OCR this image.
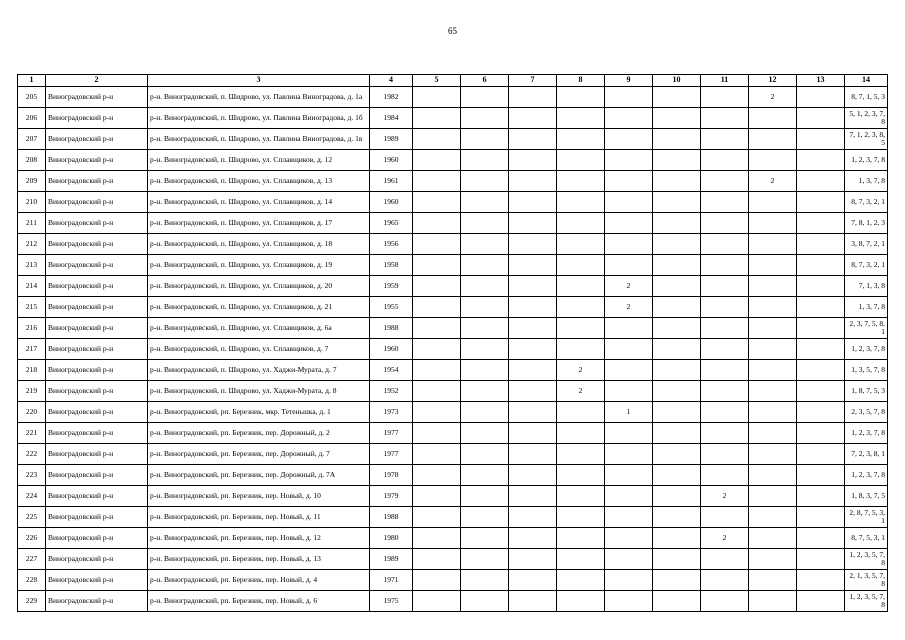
65
1	2	3	4	5	6	7	8	9	10	11	12	13	14
205	Виноградовский р-н	р-н. Виноградовский, п. Шидрово, ул. Павлина Виноградова, д. 1а	1982								2		8, 7, 1, 5, 3
206	Виноградовский р-н	р-н. Виноградовский, п. Шидрово, ул. Павлина Виноградова, д. 1б	1984										5, 1, 2, 3, 7, 8
207	Виноградовский р-н	р-н. Виноградовский, п. Шидрово, ул. Павлина Виноградова, д. 1в	1989										7, 1, 2, 3, 8, 5
208	Виноградовский р-н	р-н. Виноградовский, п. Шидрово, ул. Сплавщиков, д. 12	1960										1, 2, 3, 7, 8
209	Виноградовский р-н	р-н. Виноградовский, п. Шидрово, ул. Сплавщиков, д. 13	1961								2		1, 3, 7, 8
210	Виноградовский р-н	р-н. Виноградовский, п. Шидрово, ул. Сплавщиков, д. 14	1960										8, 7, 3, 2, 1
211	Виноградовский р-н	р-н. Виноградовский, п. Шидрово, ул. Сплавщиков, д. 17	1965										7, 8, 1, 2, 3
212	Виноградовский р-н	р-н. Виноградовский, п. Шидрово, ул. Сплавщиков, д. 18	1956										3, 8, 7, 2, 1
213	Виноградовский р-н	р-н. Виноградовский, п. Шидрово, ул. Сплавщиков, д. 19	1958										8, 7, 3, 2, 1
214	Виноградовский р-н	р-н. Виноградовский, п. Шидрово, ул. Сплавщиков, д. 20	1959					2					7, 1, 3, 8
215	Виноградовский р-н	р-н. Виноградовский, п. Шидрово, ул. Сплавщиков, д. 21	1955					2					1, 3, 7, 8
216	Виноградовский р-н	р-н. Виноградовский, п. Шидрово, ул. Сплавщиков, д. 6а	1988										2, 3, 7, 5, 8, 1
217	Виноградовский р-н	р-н. Виноградовский, п. Шидрово, ул. Сплавщиков, д. 7	1960										1, 2, 3, 7, 8
218	Виноградовский р-н	р-н. Виноградовский, п. Шидрово, ул. Хаджи-Мурата, д. 7	1954				2						1, 3, 5, 7, 8
219	Виноградовский р-н	р-н. Виноградовский, п. Шидрово, ул. Хаджи-Мурата, д. 8	1952				2						1, 8, 7, 5, 3
220	Виноградовский р-н	р-н. Виноградовский, рп. Березник, мкр. Тетеньшка, д. 1	1973					1					2, 3, 5, 7, 8
221	Виноградовский р-н	р-н. Виноградовский, рп. Березник, пер. Дорожный, д. 2	1977										1, 2, 3, 7, 8
222	Виноградовский р-н	р-н. Виноградовский, рп. Березник, пер. Дорожный, д. 7	1977										7, 2, 3, 8, 1
223	Виноградовский р-н	р-н. Виноградовский, рп. Березник, пер. Дорожный, д. 7А	1978										1, 2, 3, 7, 8
224	Виноградовский р-н	р-н. Виноградовский, рп. Березник, пер. Новый, д. 10	1979							2			1, 8, 3, 7, 5
225	Виноградовский р-н	р-н. Виноградовский, рп. Березник, пер. Новый, д. 11	1988										2, 8, 7, 5, 3, 1
226	Виноградовский р-н	р-н. Виноградовский, рп. Березник, пер. Новый, д. 12	1980							2			8, 7, 5, 3, 1
227	Виноградовский р-н	р-н. Виноградовский, рп. Березник, пер. Новый, д. 13	1989										1, 2, 3, 5, 7, 8
228	Виноградовский р-н	р-н. Виноградовский, рп. Березник, пер. Новый, д. 4	1971										2, 1, 3, 5, 7, 8
229	Виноградовский р-н	р-н. Виноградовский, рп. Березник, пер. Новый, д. 6	1975										1, 2, 3, 5, 7, 8
